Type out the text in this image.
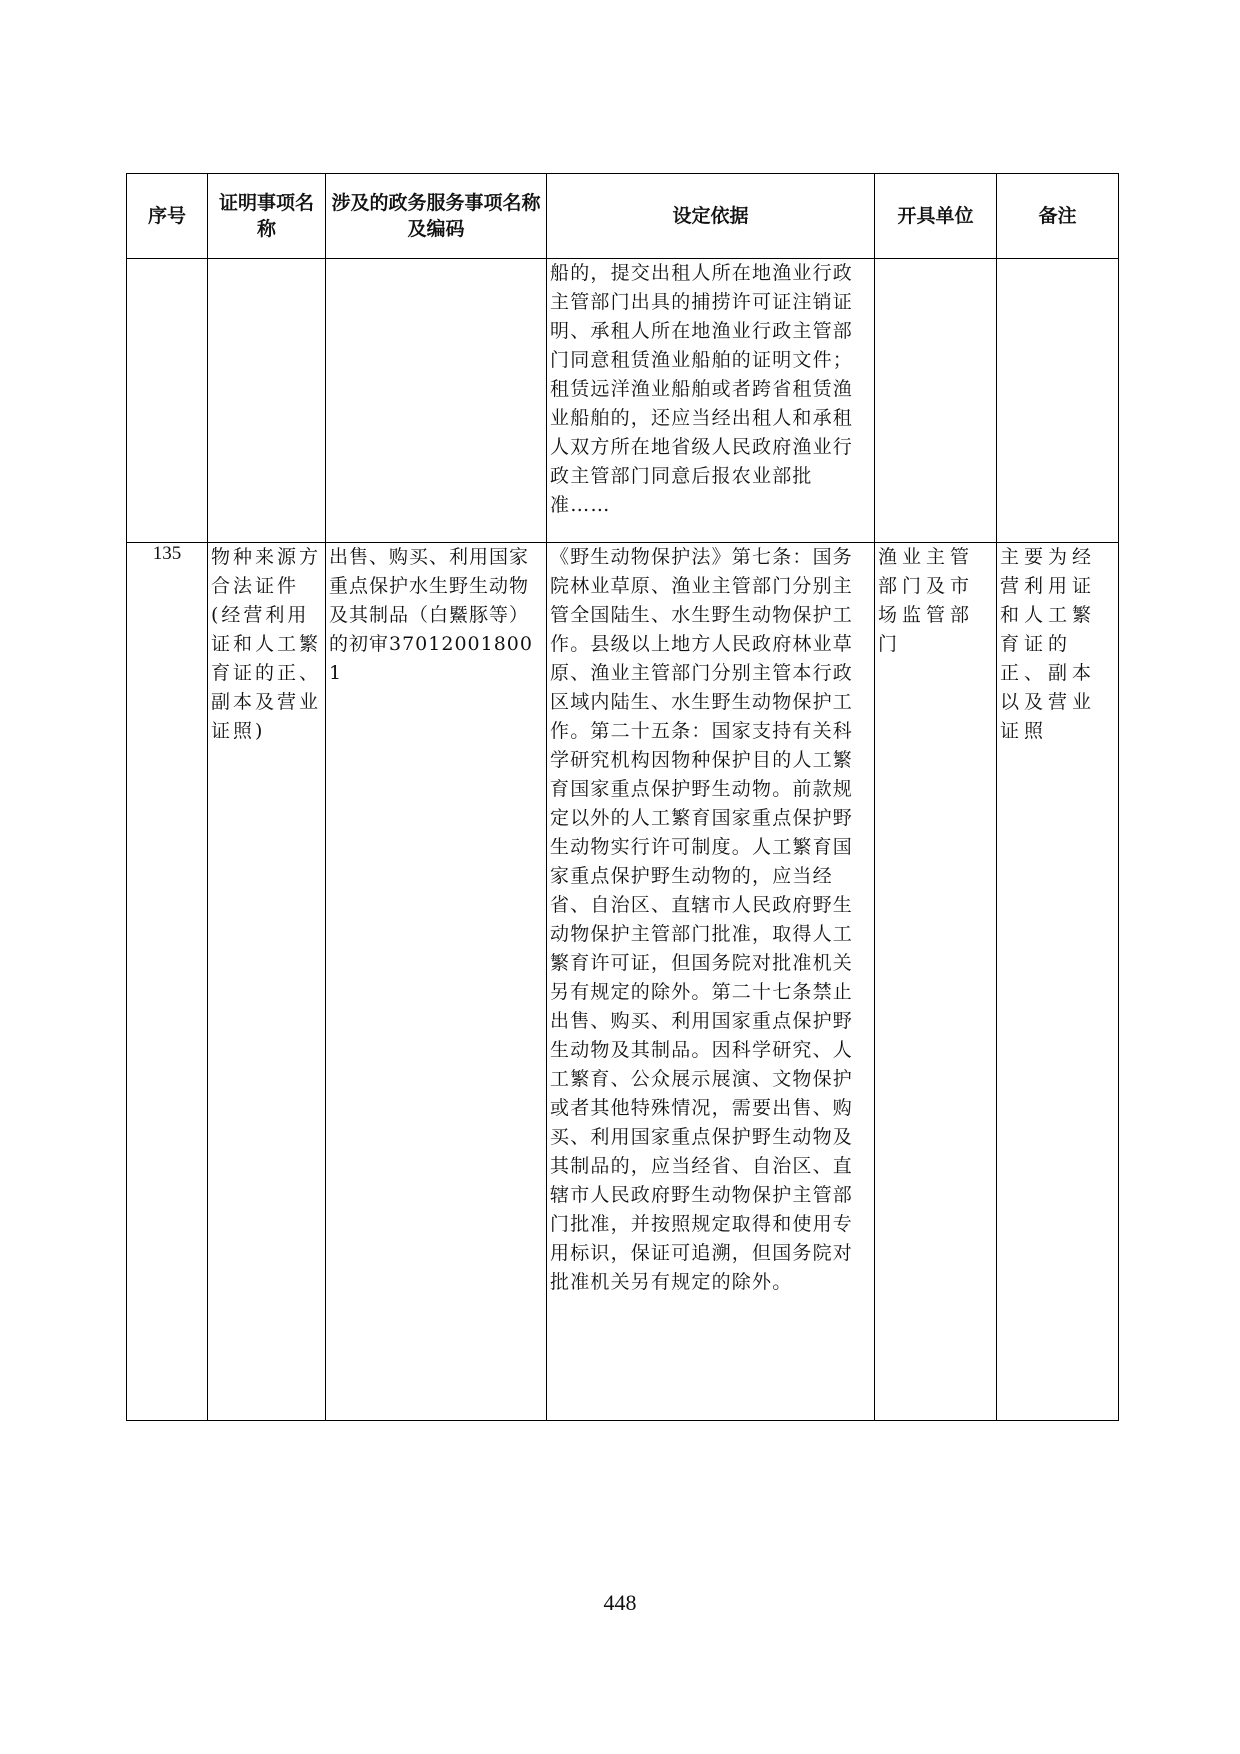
序号	证明事项名称	涉及的政务服务事项名称及编码	设定依据	开具单位	备注
			船的，提交出租人所在地渔业行政主管部门出具的捕捞许可证注销证明、承租人所在地渔业行政主管部门同意租赁渔业船舶的证明文件；租赁远洋渔业船舶或者跨省租赁渔业船舶的，还应当经出租人和承租人双方所在地省级人民政府渔业行政主管部门同意后报农业部批准……		
135	物种来源方合法证件(经营利用证和人工繁育证的正、副本及营业证照)	出售、购买、利用国家重点保护水生野生动物及其制品（白鱀豚等）的初审370120018001	《野生动物保护法》第七条：国务院林业草原、渔业主管部门分别主管全国陆生、水生野生动物保护工作。县级以上地方人民政府林业草原、渔业主管部门分别主管本行政区域内陆生、水生野生动物保护工作。第二十五条：国家支持有关科学研究机构因物种保护目的人工繁育国家重点保护野生动物。前款规定以外的人工繁育国家重点保护野生动物实行许可制度。人工繁育国家重点保护野生动物的，应当经省、自治区、直辖市人民政府野生动物保护主管部门批准，取得人工繁育许可证，但国务院对批准机关另有规定的除外。第二十七条禁止出售、购买、利用国家重点保护野生动物及其制品。因科学研究、人工繁育、公众展示展演、文物保护或者其他特殊情况，需要出售、购买、利用国家重点保护野生动物及其制品的，应当经省、自治区、直辖市人民政府野生动物保护主管部门批准，并按照规定取得和使用专用标识，保证可追溯，但国务院对批准机关另有规定的除外。	渔业主管部门及市场监管部门	主要为经营利用证和人工繁育证的正、副本以及营业证照
448
